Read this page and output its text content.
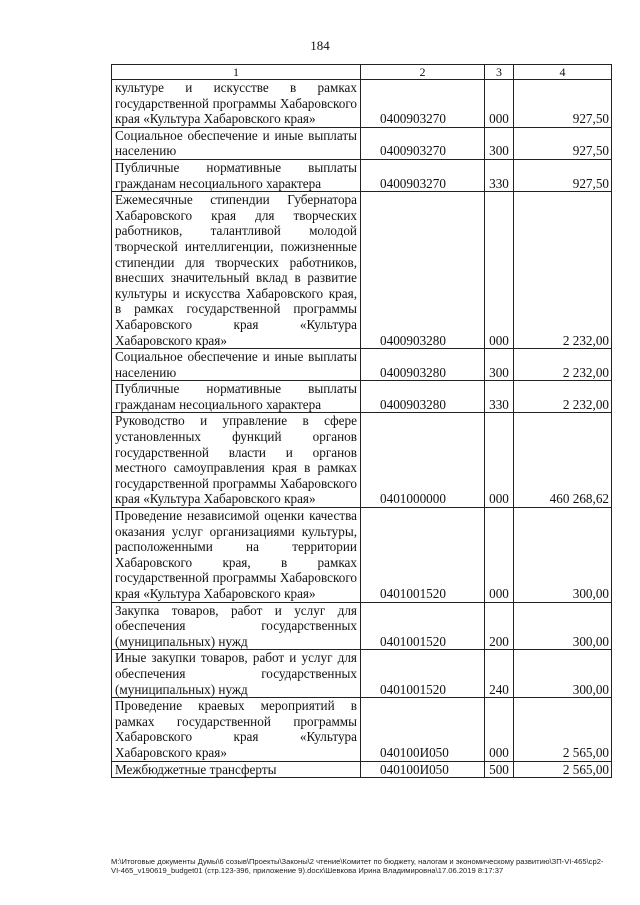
184
1	2	3	4
культуре и искусстве в рамках государственной программы Хабаровского края «Культура Хабаровского края»	0400903270	000	927,50
Социальное обеспечение и иные выплаты населению	0400903270	300	927,50
Публичные нормативные выплаты гражданам несоциального характера	0400903270	330	927,50
Ежемесячные стипендии Губернатора Хабаровского края для творческих работников, талантливой молодой творческой интеллигенции, пожизненные стипендии для творческих работников, внесших значительный вклад в развитие культуры и искусства Хабаровского края, в рамках государственной программы Хабаровского края «Культура Хабаровского края»	0400903280	000	2 232,00
Социальное обеспечение и иные выплаты населению	0400903280	300	2 232,00
Публичные нормативные выплаты гражданам несоциального характера	0400903280	330	2 232,00
Руководство и управление в сфере установленных функций органов государственной власти и органов местного самоуправления края в рамках государственной программы Хабаровского края «Культура Хабаровского края»	0401000000	000	460 268,62
Проведение независимой оценки качества оказания услуг организациями культуры, расположенными на территории Хабаровского края, в рамках государственной программы Хабаровского края «Культура Хабаровского края»	0401001520	000	300,00
Закупка товаров, работ и услуг для обеспечения государственных (муниципальных) нужд	0401001520	200	300,00
Иные закупки товаров, работ и услуг для обеспечения государственных (муниципальных) нужд	0401001520	240	300,00
Проведение краевых мероприятий в рамках государственной программы Хабаровского края «Культура Хабаровского края»	040100И050	000	2 565,00
Межбюджетные трансферты	040100И050	500	2 565,00
М:\Итоговые документы Думы\6 созыв\Проекты\Законы\2 чтение\Комитет по бюджету, налогам и экономическому развитию\ЗП-VI-465\ср2-VI-465_v190619_budget01 (стр.123-396, приложение 9).docx\Шевкова Ирина Владимировна\17.06.2019 8:17:37
